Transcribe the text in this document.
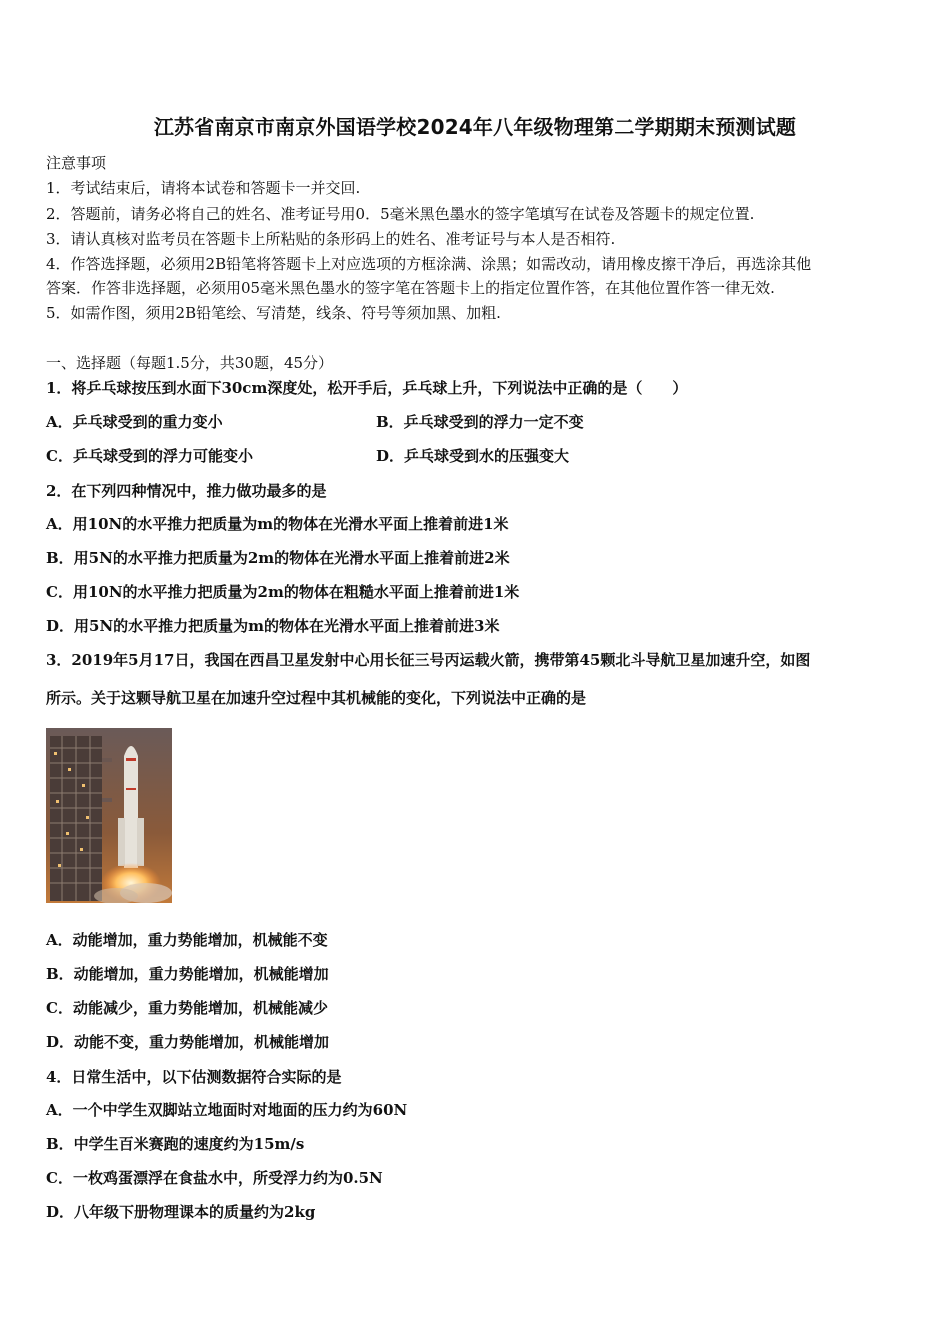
江苏省南京市南京外国语学校2024年八年级物理第二学期期末预测试题
注意事项
1．考试结束后，请将本试卷和答题卡一并交回.
2．答题前，请务必将自己的姓名、准考证号用0．5毫米黑色墨水的签字笔填写在试卷及答题卡的规定位置.
3．请认真核对监考员在答题卡上所粘贴的条形码上的姓名、准考证号与本人是否相符.
4．作答选择题，必须用2B铅笔将答题卡上对应选项的方框涂满、涂黑；如需改动，请用橡皮擦干净后，再选涂其他
答案．作答非选择题，必须用05毫米黑色墨水的签字笔在答题卡上的指定位置作答，在其他位置作答一律无效.
5．如需作图，须用2B铅笔绘、写清楚，线条、符号等须加黑、加粗.
一、选择题（每题1.5分，共30题，45分）
1．将乒乓球按压到水面下30cm深度处，松开手后，乒乓球上升，下列说法中正确的是（　　）
A．乒乓球受到的重力变小	B．乒乓球受到的浮力一定不变
C．乒乓球受到的浮力可能变小	D．乒乓球受到水的压强变大
2．在下列四种情况中，推力做功最多的是
A．用10N的水平推力把质量为m的物体在光滑水平面上推着前进1米
B．用5N的水平推力把质量为2m的物体在光滑水平面上推着前进2米
C．用10N的水平推力把质量为2m的物体在粗糙水平面上推着前进1米
D．用5N的水平推力把质量为m的物体在光滑水平面上推着前进3米
3．2019年5月17日，我国在西昌卫星发射中心用长征三号丙运载火箭，携带第45颗北斗导航卫星加速升空，如图
所示。关于这颗导航卫星在加速升空过程中其机械能的变化，下列说法中正确的是
A．动能增加，重力势能增加，机械能不变
B．动能增加，重力势能增加，机械能增加
C．动能减少，重力势能增加，机械能减少
D．动能不变，重力势能增加，机械能增加
4．日常生活中，以下估测数据符合实际的是
A．一个中学生双脚站立地面时对地面的压力约为60N
B．中学生百米赛跑的速度约为15m/s
C．一枚鸡蛋漂浮在食盐水中，所受浮力约为0.5N
D．八年级下册物理课本的质量约为2kg
